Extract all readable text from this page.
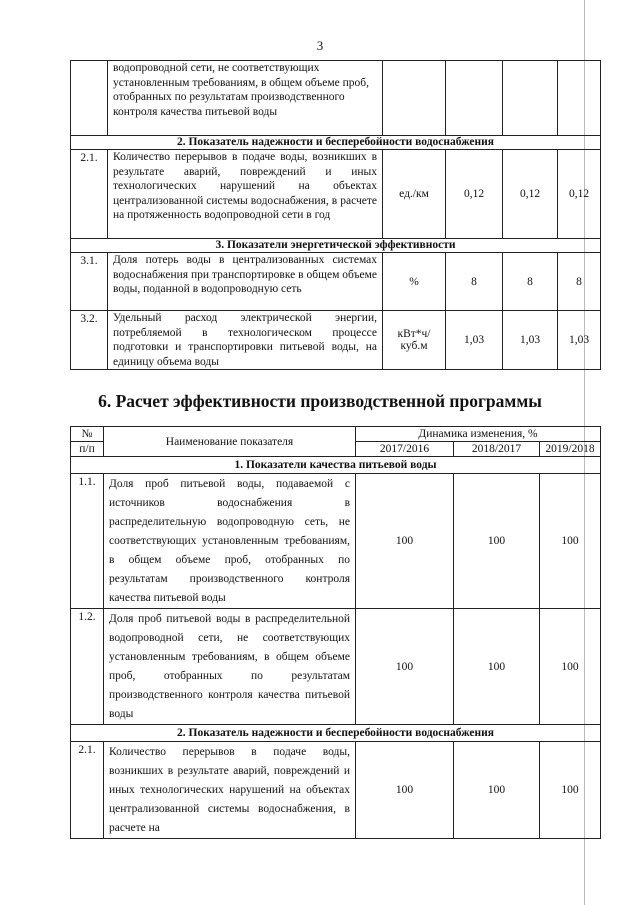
3
	водопроводной сети, не соответствующих установленным требованиям, в общем объеме проб, отобранных по результатам производственного контроля качества питьевой воды				
2. Показатель надежности и бесперебойности водоснабжения					
2.1.	Количество перерывов в подаче воды, возникших в результате аварий, повреждений и иных технологических нарушений на объектах централизованной системы водоснабжения, в расчете на протяженность водопроводной сети в год	ед./км	0,12	0,12	0,12
3. Показатели энергетической эффективности					
3.1.	Доля потерь воды в централизованных системах водоснабжения при транспортировке в общем объеме воды, поданной в водопроводную сеть	%	8	8	8
3.2.	Удельный расход электрической энергии, потребляемой в технологическом процессе подготовки и транспортировки питьевой воды, на единицу объема воды	кВт*ч/ куб.м	1,03	1,03	1,03
6. Расчет эффективности производственной программы
№	Наименование показателя	Динамика изменения, %		
п/п		2017/2016	2018/2017	2019/2018
1. Показатели качества питьевой воды				
1.1.	Доля проб питьевой воды, подаваемой с источников водоснабжения в распределительную водопроводную сеть, не соответствующих установленным требованиям, в общем объеме проб, отобранных по результатам производственного контроля качества питьевой воды	100	100	100
1.2.	Доля проб питьевой воды в распределительной водопроводной сети, не соответствующих установленным требованиям, в общем объеме проб, отобранных по результатам производственного контроля качества питьевой воды	100	100	100
2. Показатель надежности и бесперебойности водоснабжения				
2.1.	Количество перерывов в подаче воды, возникших в результате аварий, повреждений и иных технологических нарушений на объектах централизованной системы водоснабжения, в расчете на	100	100	100
